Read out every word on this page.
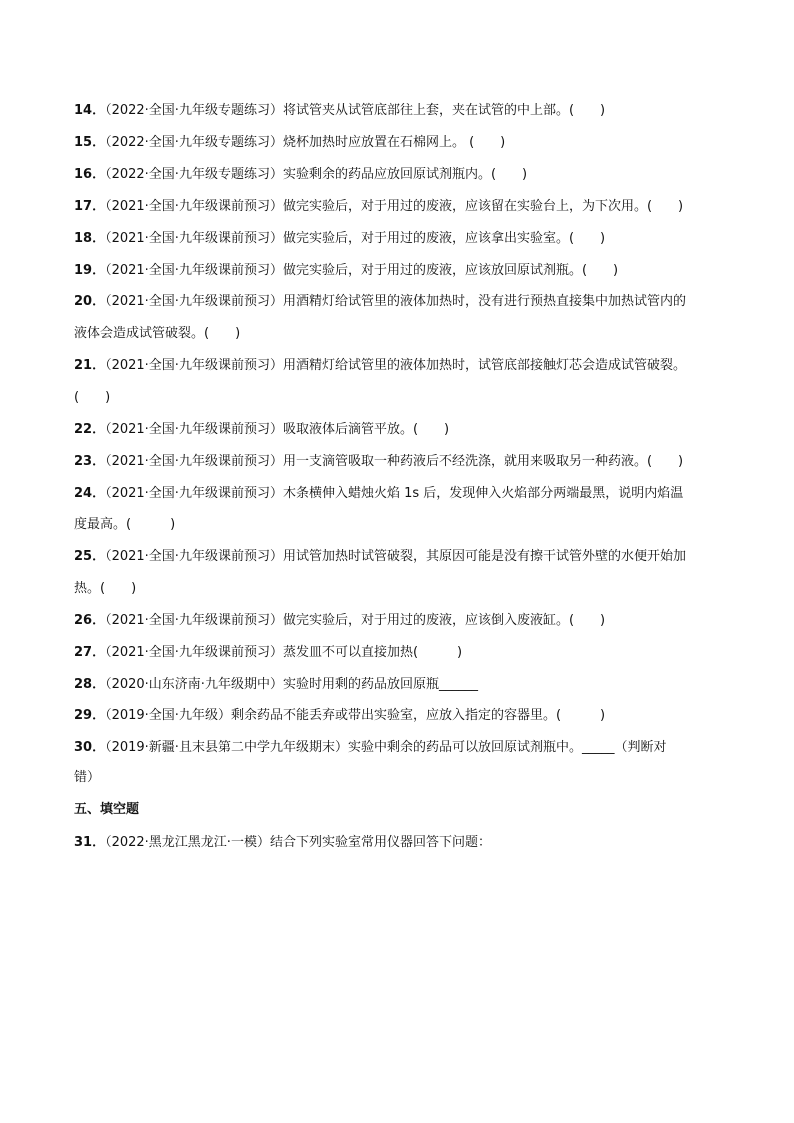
14．（2022·全国·九年级专题练习）将试管夹从试管底部往上套，夹在试管的中上部。(　　)
15．（2022·全国·九年级专题练习）烧杯加热时应放置在石棉网上。 (　　)
16．（2022·全国·九年级专题练习）实验剩余的药品应放回原试剂瓶内。(　　)
17．（2021·全国·九年级课前预习）做完实验后，对于用过的废液，应该留在实验台上，为下次用。(　　)
18．（2021·全国·九年级课前预习）做完实验后，对于用过的废液，应该拿出实验室。(　　)
19．（2021·全国·九年级课前预习）做完实验后，对于用过的废液，应该放回原试剂瓶。(　　)
20．（2021·全国·九年级课前预习）用酒精灯给试管里的液体加热时，没有进行预热直接集中加热试管内的
液体会造成试管破裂。(　　)
21．（2021·全国·九年级课前预习）用酒精灯给试管里的液体加热时，试管底部接触灯芯会造成试管破裂。
(　　)
22．（2021·全国·九年级课前预习）吸取液体后滴管平放。(　　)
23．（2021·全国·九年级课前预习）用一支滴管吸取一种药液后不经洗涤，就用来吸取另一种药液。(　　)
24．（2021·全国·九年级课前预习）木条横伸入蜡烛火焰 1s 后，发现伸入火焰部分两端最黑，说明内焰温
度最高。(　　　)
25．（2021·全国·九年级课前预习）用试管加热时试管破裂，其原因可能是没有擦干试管外壁的水便开始加
热。(　　)
26．（2021·全国·九年级课前预习）做完实验后，对于用过的废液，应该倒入废液缸。(　　)
27．（2021·全国·九年级课前预习）蒸发皿不可以直接加热(　　　)
28．（2020·山东济南·九年级期中）实验时用剩的药品放回原瓶______
29．（2019·全国·九年级）剩余药品不能丢弃或带出实验室，应放入指定的容器里。(　　　)
30．（2019·新疆·且末县第二中学九年级期末）实验中剩余的药品可以放回原试剂瓶中。_____（判断对
错）
五、填空题
31．（2022·黑龙江黑龙江·一模）结合下列实验室常用仪器回答下问题：
